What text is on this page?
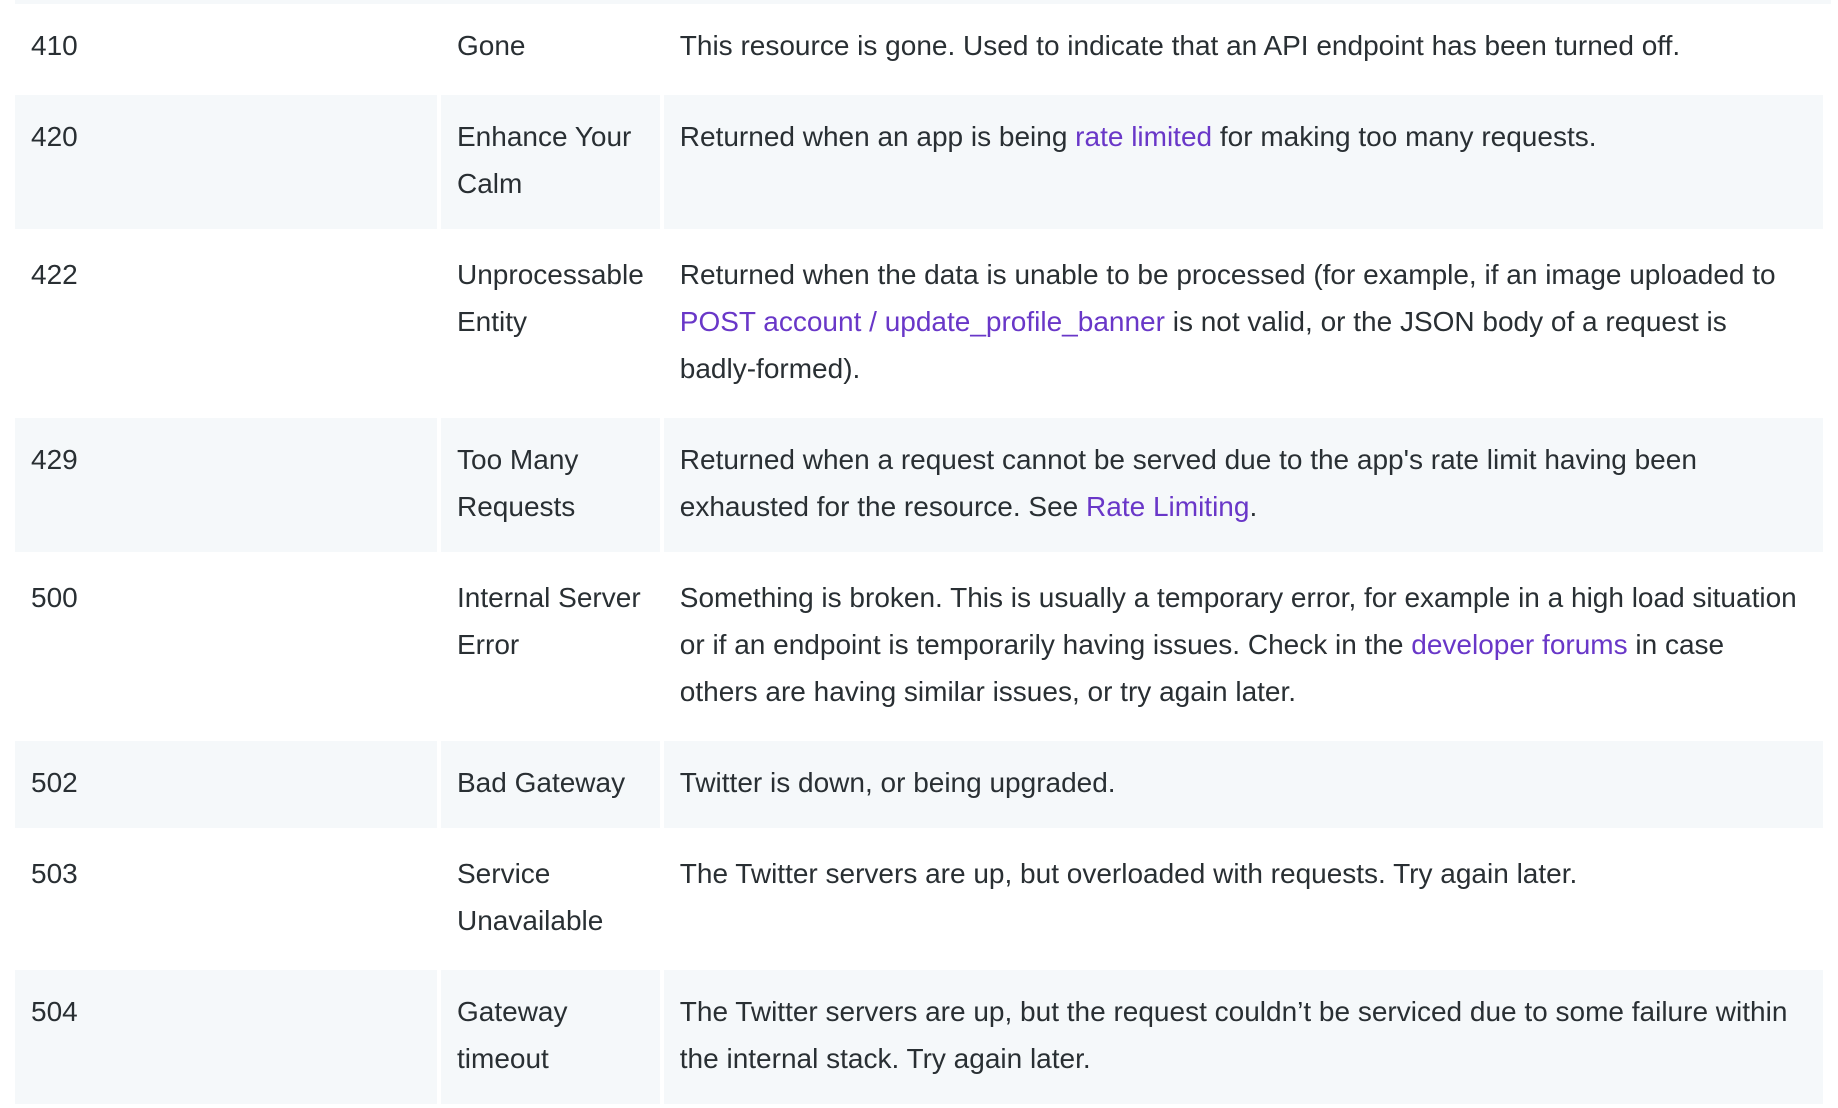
410	Gone	This resource is gone. Used to indicate that an API endpoint has been turned off.
420	Enhance Your Calm	Returned when an app is being rate limited for making too many requests.
422	Unprocessable Entity	Returned when the data is unable to be processed (for example, if an image uploaded to POST account / update_profile_banner is not valid, or the JSON body of a request is badly-formed).
429	Too Many Requests	Returned when a request cannot be served due to the app's rate limit having been exhausted for the resource. See Rate Limiting.
500	Internal Server Error	Something is broken. This is usually a temporary error, for example in a high load situation or if an endpoint is temporarily having issues. Check in the developer forums in case others are having similar issues, or try again later.
502	Bad Gateway	Twitter is down, or being upgraded.
503	Service Unavailable	The Twitter servers are up, but overloaded with requests. Try again later.
504	Gateway timeout	The Twitter servers are up, but the request couldn’t be serviced due to some failure within the internal stack. Try again later.
